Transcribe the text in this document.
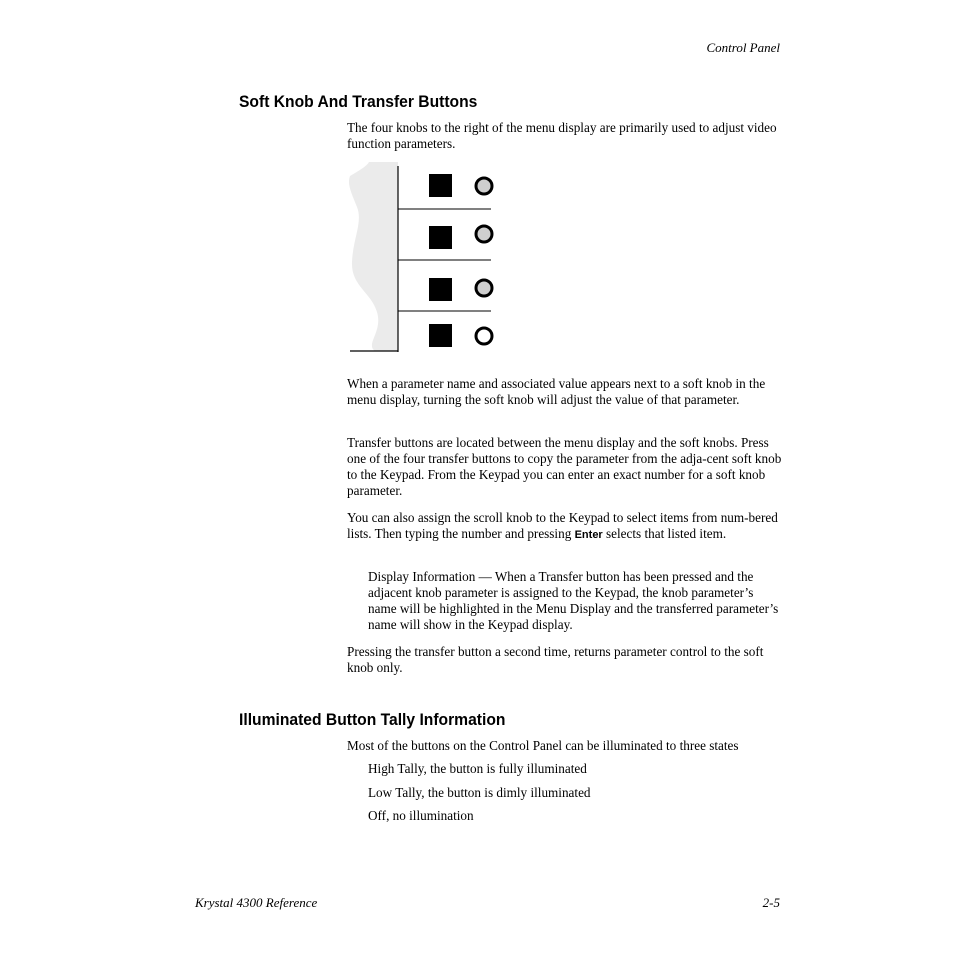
Control Panel
Soft Knob And Transfer Buttons
The four knobs to the right of the menu display are primarily used to adjust video function parameters.
When a parameter name and associated value appears next to a soft knob in the menu display, turning the soft knob will adjust the value of that parameter.
Transfer buttons are located between the menu display and the soft knobs. Press one of the four transfer buttons to copy the parameter from the adja-cent soft knob to the Keypad. From the Keypad you can enter an exact number for a soft knob parameter.
You can also assign the scroll knob to the Keypad to select items from num-bered lists. Then typing the number and pressing Enter selects that listed item.
Display Information — When a Transfer button has been pressed and the adjacent knob parameter is assigned to the Keypad, the knob parameter’s name will be highlighted in the Menu Display and the transferred parameter’s name will show in the Keypad display.
Pressing the transfer button a second time, returns parameter control to the soft knob only.
Illuminated Button Tally Information
Most of the buttons on the Control Panel can be illuminated to three states
High Tally, the button is fully illuminated
Low Tally, the button is dimly illuminated
Off, no illumination
Krystal 4300 Reference	2-5
